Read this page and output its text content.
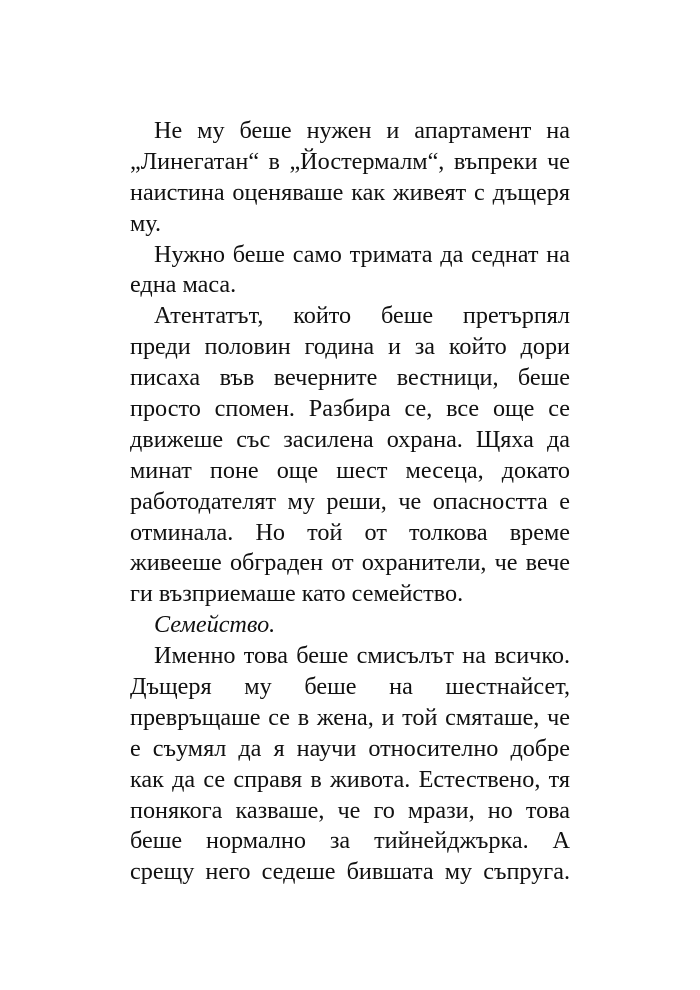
Не му беше нужен и апартамент на
„Линегатан“ в „Йостермалм“, въпреки че
наистина оценяваше как живеят с дъщеря
му.
Нужно беше само тримата да седнат на
една маса.
Атентатът, който беше претърпял
преди половин година и за който дори
писаха във вечерните вестници, беше
просто спомен. Разбира се, все още се
движеше със засилена охрана. Щяха да
минат поне още шест месеца, докато
работодателят му реши, че опасността е
отминала. Но той от толкова време
живееше обграден от охранители, че вече
ги възприемаше като семейство.
Семейство.
Именно това беше смисълът на всичко.
Дъщеря му беше на шестнайсет,
превръщаше се в жена, и той смяташе, че
е съумял да я научи относително добре
как да се справя в живота. Естествено, тя
понякога казваше, че го мрази, но това
беше нормално за тийнейджърка. А
срещу него седеше бившата му съпруга.
